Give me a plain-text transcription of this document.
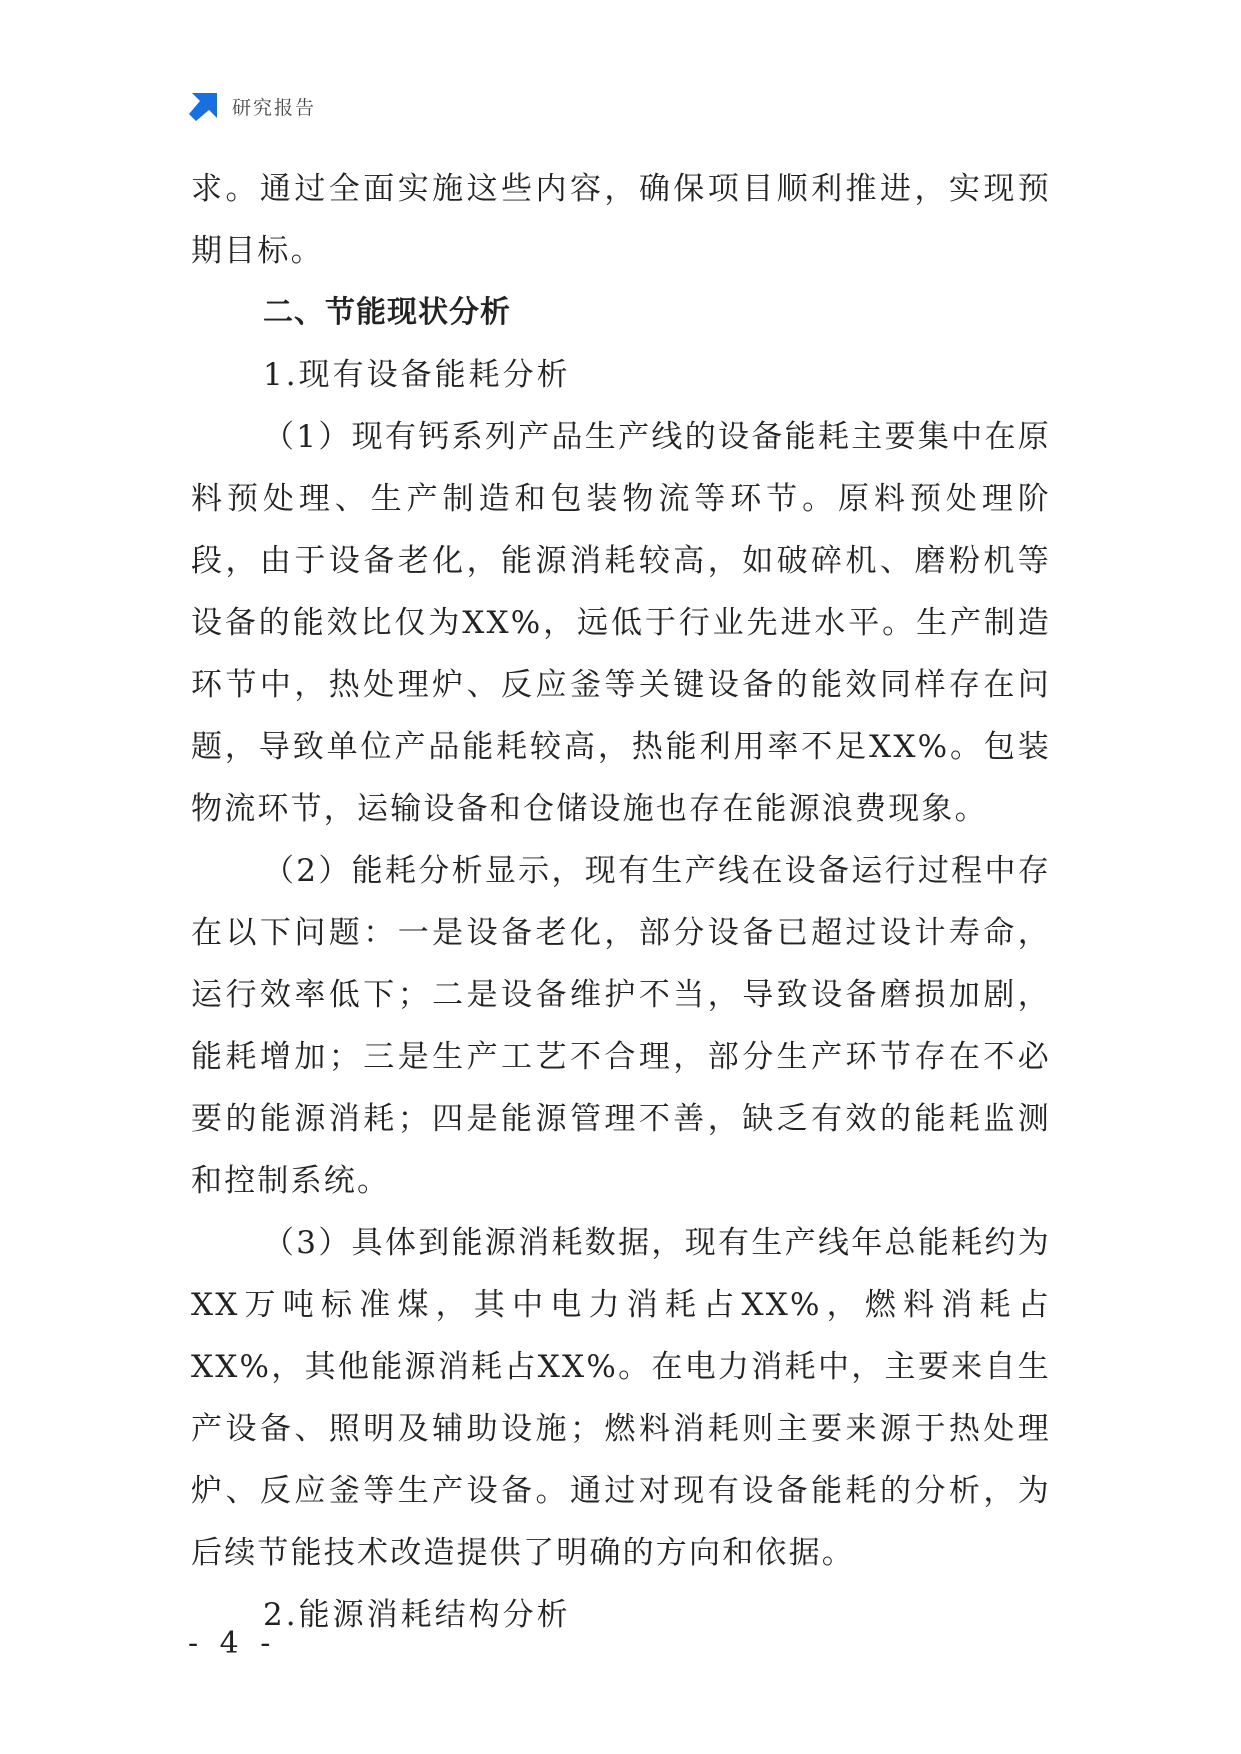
研究报告

求。通过全面实施这些内容，确保项目顺利推进，实现预期目标。

二、节能现状分析

1.现有设备能耗分析

（1）现有钙系列产品生产线的设备能耗主要集中在原料预处理、生产制造和包装物流等环节。原料预处理阶段，由于设备老化，能源消耗较高，如破碎机、磨粉机等设备的能效比仅为XX%，远低于行业先进水平。生产制造环节中，热处理炉、反应釜等关键设备的能效同样存在问题，导致单位产品能耗较高，热能利用率不足XX%。包装物流环节，运输设备和仓储设施也存在能源浪费现象。

（2）能耗分析显示，现有生产线在设备运行过程中存在以下问题：一是设备老化，部分设备已超过设计寿命，运行效率低下；二是设备维护不当，导致设备磨损加剧，能耗增加；三是生产工艺不合理，部分生产环节存在不必要的能源消耗；四是能源管理不善，缺乏有效的能耗监测和控制系统。

（3）具体到能源消耗数据，现有生产线年总能耗约为XX万吨标准煤，其中电力消耗占XX%，燃料消耗占XX%，其他能源消耗占XX%。在电力消耗中，主要来自生产设备、照明及辅助设施；燃料消耗则主要来源于热处理炉、反应釜等生产设备。通过对现有设备能耗的分析，为后续节能技术改造提供了明确的方向和依据。

2.能源消耗结构分析

- 4 -
